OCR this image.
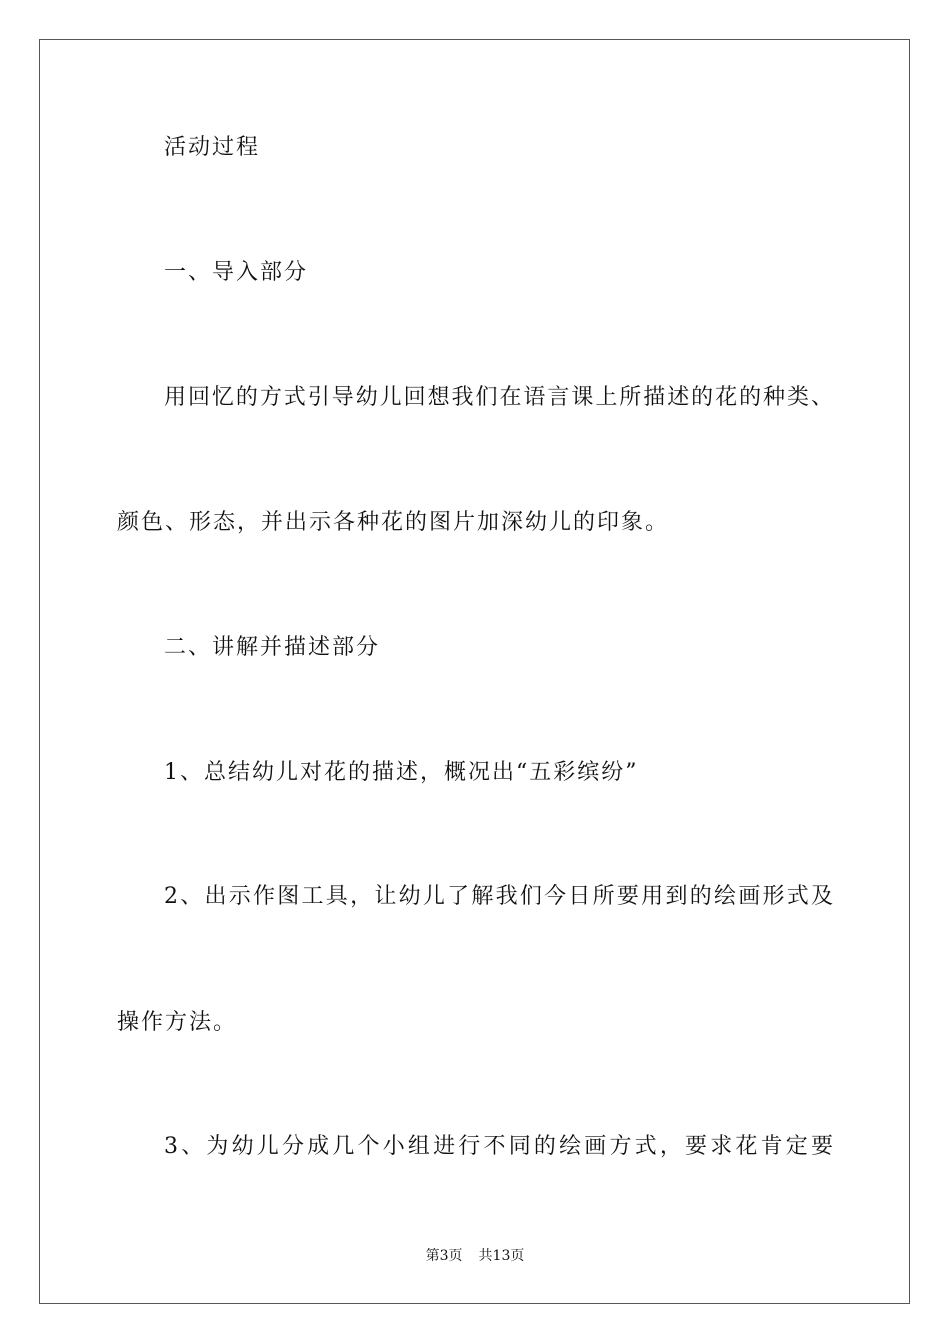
活动过程
一、导入部分
用回忆的方式引导幼儿回想我们在语言课上所描述的花的种类、
颜色、形态，并出示各种花的图片加深幼儿的印象。
二、讲解并描述部分
1、总结幼儿对花的描述，概况出“五彩缤纷”
2、出示作图工具，让幼儿了解我们今日所要用到的绘画形式及
操作方法。
3、为幼儿分成几个小组进行不同的绘画方式，要求花肯定要
第3页 共13页
